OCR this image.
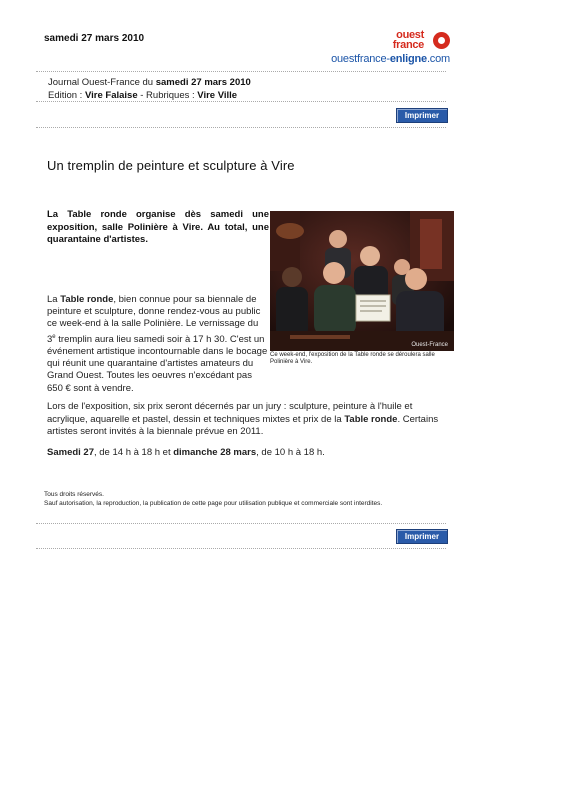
samedi 27 mars 2010	ouest
france
ouestfrance-enligne.com
Journal Ouest-France du samedi 27 mars 2010
Edition : Vire Falaise - Rubriques : Vire Ville
Imprimer
Un tremplin de peinture et sculpture à Vire
La Table ronde organise dès samedi une exposition, salle Polinière à Vire. Au total, une quarantaine d'artistes.
La Table ronde, bien connue pour sa biennale de peinture et sculpture, donne rendez-vous au public ce week-end à la salle Polinière. Le vernissage du 3e tremplin aura lieu samedi soir à 17 h 30. C'est un événement artistique incontournable dans le bocage qui réunit une quarantaine d'artistes amateurs du Grand Ouest. Toutes les oeuvres n'excédant pas 650 € sont à vendre.
Ouest-France
Ce week-end, l'exposition de la Table ronde se déroulera salle Polinière à Vire.
Lors de l'exposition, six prix seront décernés par un jury : sculpture, peinture à l'huile et acrylique, aquarelle et pastel, dessin et techniques mixtes et prix de la Table ronde. Certains artistes seront invités à la biennale prévue en 2011.
Samedi 27, de 14 h à 18 h et dimanche 28 mars, de 10 h à 18 h.
Tous droits réservés.
Sauf autorisation, la reproduction, la publication de cette page pour utilisation publique et commerciale sont interdites.
Imprimer
